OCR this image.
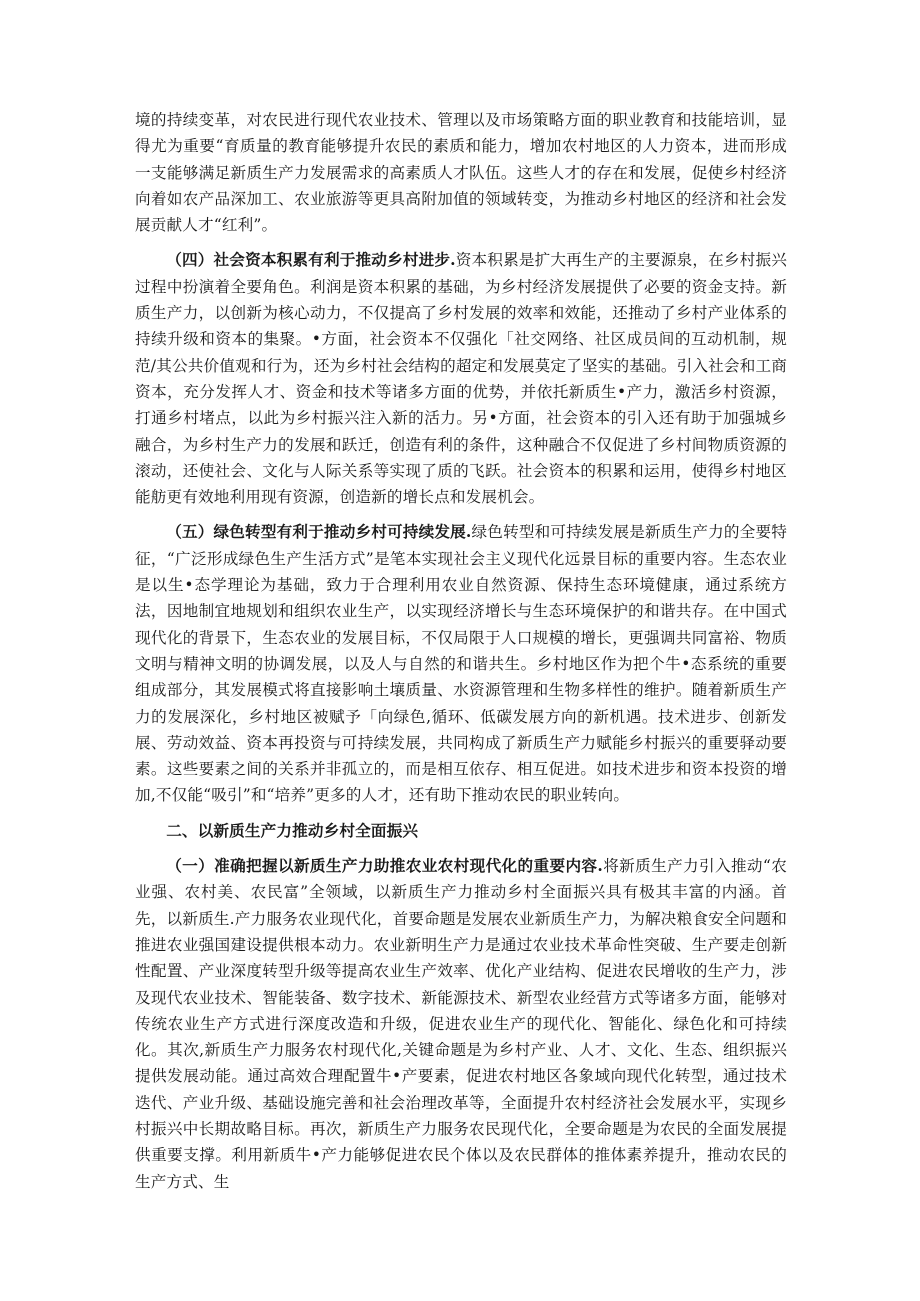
境的持续变革，对农民进行现代农业技术、管理以及市场策略方面的职业教育和技能培训，显得尤为重要“育质量的教育能够提升农民的素质和能力，增加农村地区的人力资本，进而形成一支能够满足新质生产力发展需求的高素质人才队伍。这些人才的存在和发展，促使乡村经济向着如农产品深加工、农业旅游等更具高附加值的领域转变，为推动乡村地区的经济和社会发展贡献人才“红利”。

（四）社会资本积累有利于推动乡村进步.资本积累是扩大再生产的主要源泉，在乡村振兴过程中扮演着全要角色。利润是资本积累的基础，为乡村经济发展提供了必要的资金支持。新质生产力，以创新为核心动力，不仅提高了乡村发展的效率和效能，还推动了乡村产业体系的持续升级和资本的集聚。•方面，社会资本不仅强化「社交网络、社区成员间的互动机制，规范/其公共价值观和行为，还为乡村社会结构的超定和发展莫定了坚实的基础。引入社会和工商资本，充分发挥人才、资金和技术等诸多方面的优势，并依托新质生•产力，激活乡村资源，打通乡村堵点，以此为乡村振兴注入新的活力。另•方面，社会资本的引入还有助于加强城乡融合，为乡村生产力的发展和跃迁，创造有利的条件，这种融合不仅促进了乡村间物质资源的滚动，还使社会、文化与人际关系等实现了质的飞跃。社会资本的积累和运用，使得乡村地区能舫更有效地利用现有资源，创造新的增长点和发展机会。

（五）绿色转型有利于推动乡村可持续发展.绿色转型和可持续发展是新质生产力的全要特征，“广泛形成绿色生产生活方式”是笔本实现社会主义现代化远景目标的重要内容。生态农业是以生•态学理论为基础，致力于合理利用农业自然资源、保持生态环境健康，通过系统方法，因地制宜地规划和组织农业生产，以实现经济增长与生态环境保护的和谐共存。在中国式现代化的背景下，生态农业的发展目标，不仅局限于人口规模的增长，更强调共同富裕、物质文明与精神文明的协调发展，以及人与自然的和谐共生。乡村地区作为把个牛•态系统的重要组成部分，其发展模式将直接影响土壤质量、水资源管理和生物多样性的维护。随着新质生产力的发展深化，乡村地区被赋予「向绿色,循环、低碳发展方向的新机遇。技术进步、创新发展、劳动效益、资本再投资与可持续发展，共同构成了新质生产力赋能乡村振兴的重要驿动要素。这些要素之间的关系并非孤立的，而是相互依存、相互促进。如技术进步和资本投资的增加,不仅能“吸引”和“培养”更多的人才，还有助下推动农民的职业转向。

二、以新质生产力推动乡村全面振兴

（一）准确把握以新质生产力助推农业农村现代化的重要内容.将新质生产力引入推动“农业强、农村美、农民富”全领域，以新质生产力推动乡村全面振兴具有极其丰富的内涵。首先，以新质生.产力服务农业现代化，首要命题是发展农业新质生产力，为解决粮食安全问题和推进农业强国建设提供根本动力。农业新明生产力是通过农业技术革命性突破、生产要走创新性配置、产业深度转型升级等提高农业生产效率、优化产业结构、促进农民增收的生产力，涉及现代农业技术、智能装备、数字技术、新能源技术、新型农业经营方式等诸多方面，能够对传统农业生产方式进行深度改造和升级，促进农业生产的现代化、智能化、绿色化和可持续化。其次,新质生产力服务农村现代化,关键命题是为乡村产业、人才、文化、生态、组织振兴提供发展动能。通过高效合理配置牛•产要素，促进农村地区各象域向现代化转型，通过技术迭代、产业升级、基础设施完善和社会治理改革等，全面提升农村经济社会发展水平，实现乡村振兴中长期故略目标。再次，新质生产力服务农民现代化，全要命题是为农民的全面发展提供重要支撑。利用新质牛•产力能够促进农民个体以及农民群体的推体素养提升，推动农民的生产方式、生
